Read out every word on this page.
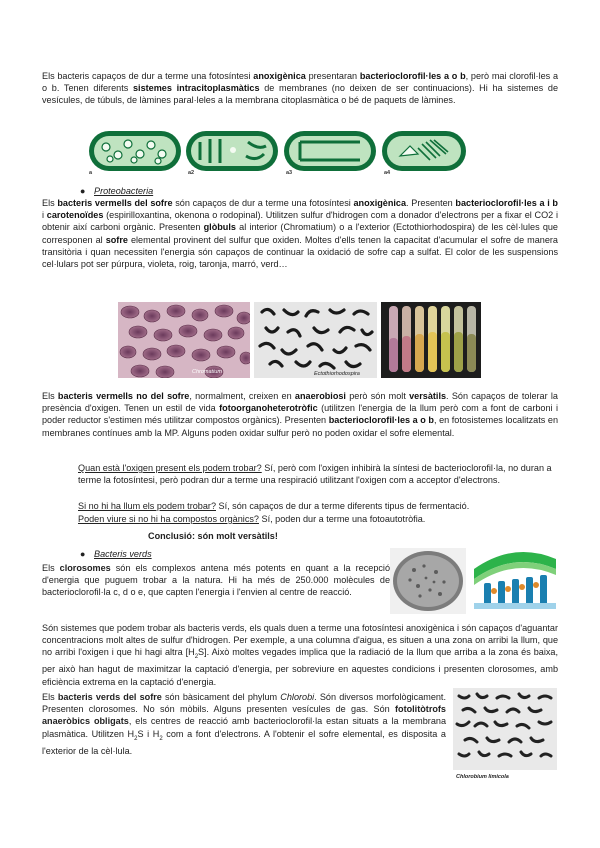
Els bacteris capaços de dur a terme una fotosíntesi anoxigènica presentaran bacterioclorofil·les a o b, però mai clorofil·les a o b. Tenen diferents sistemes intracitoplasmàtics de membranes (no deixen de ser continuacions). Hi ha sistemes de vesícules, de túbuls, de làmines paral·leles a la membrana citoplasmàtica o bé de paquets de làmines.
a	a2	a3	a4
● Proteobacteria
Els bacteris vermells del sofre són capaços de dur a terme una fotosíntesi anoxigènica. Presenten bacterioclorofil·les a i b i carotenoïdes (espirilloxantina, okenona o rodopinal). Utilitzen sulfur d'hidrogen com a donador d'electrons per a fixar el CO2 i obtenir així carboni orgànic. Presenten glòbuls al interior (Chromatium) o a l'exterior (Ectothiorhodospira) de les cèl·lules que corresponen al sofre elemental provinent del sulfur que oxiden. Moltes d'ells tenen la capacitat d'acumular el sofre de manera transitòria i quan necessiten l'energia són capaços de continuar la oxidació de sofre cap a sulfat. El color de les suspensions cel·lulars pot ser púrpura, violeta, roig, taronja, marró, verd…
Chromatium	Ectothiorhodospira
Els bacteris vermells no del sofre, normalment, creixen en anaerobiosi però són molt versàtils. Són capaços de tolerar la presència d'oxigen. Tenen un estil de vida fotoorganoheterotròfic (utilitzen l'energia de la llum però com a font de carboni i poder reductor s'estimen més utilitzar compostos orgànics). Presenten bacterioclorofil·les a o b, en fotosistemes localitzats en membranes contínues amb la MP. Alguns poden oxidar sulfur però no poden oxidar el sofre elemental.
Quan està l'oxigen present els podem trobar? Sí, però com l'oxigen inhibirà la síntesi de bacterioclorofil·la, no duran a terme la fotosíntesi, però podran dur a terme una respiració utilitzant l'oxigen com a acceptor d'electrons.
Si no hi ha llum els podem trobar? Sí, són capaços de dur a terme diferents tipus de fermentació.
Poden viure si no hi ha compostos orgànics? Sí, poden dur a terme una fotoautotròfia.
Conclusió: són molt versàtils!
● Bacteris verds
Els clorosomes són els complexos antena més potents en quant a la recepció d'energia que puguem trobar a la natura. Hi ha més de 250.000 molècules de bacterioclorofil·la c, d o e, que capten l'energia i l'envien al centre de reacció.
Són sistemes que podem trobar als bacteris verds, els quals duen a terme una fotosíntesi anoxigènica i són capaços d'aguantar concentracions molt altes de sulfur d'hidrogen. Per exemple, a una columna d'aigua, es situen a una zona on arribi la llum, que no arribi l'oxigen i que hi hagi altra $[H_2S]$. Això moltes vegades implica que la radiació de la llum que arriba a la zona és baixa, per això han hagut de maximitzar la captació d'energia, per sobreviure en aquestes condicions i presenten clorosomes, amb eficiència extrema en la captació d'energia.
Els bacteris verds del sofre són bàsicament del phylum Chlorobi. Són diversos morfològicament. Presenten clorosomes. No són mòbils. Alguns presenten vesícules de gas. Són fotolitòtrofs anaeròbics obligats, els centres de reacció amb bacterioclorofil·la estan situats a la membrana plasmàtica. Utilitzen $H_2S$ i $H_2$ com a font d'electrons. A l'obtenir el sofre elemental, es disposita a l'exterior de la cèl·lula.
Chlorobium limicola
